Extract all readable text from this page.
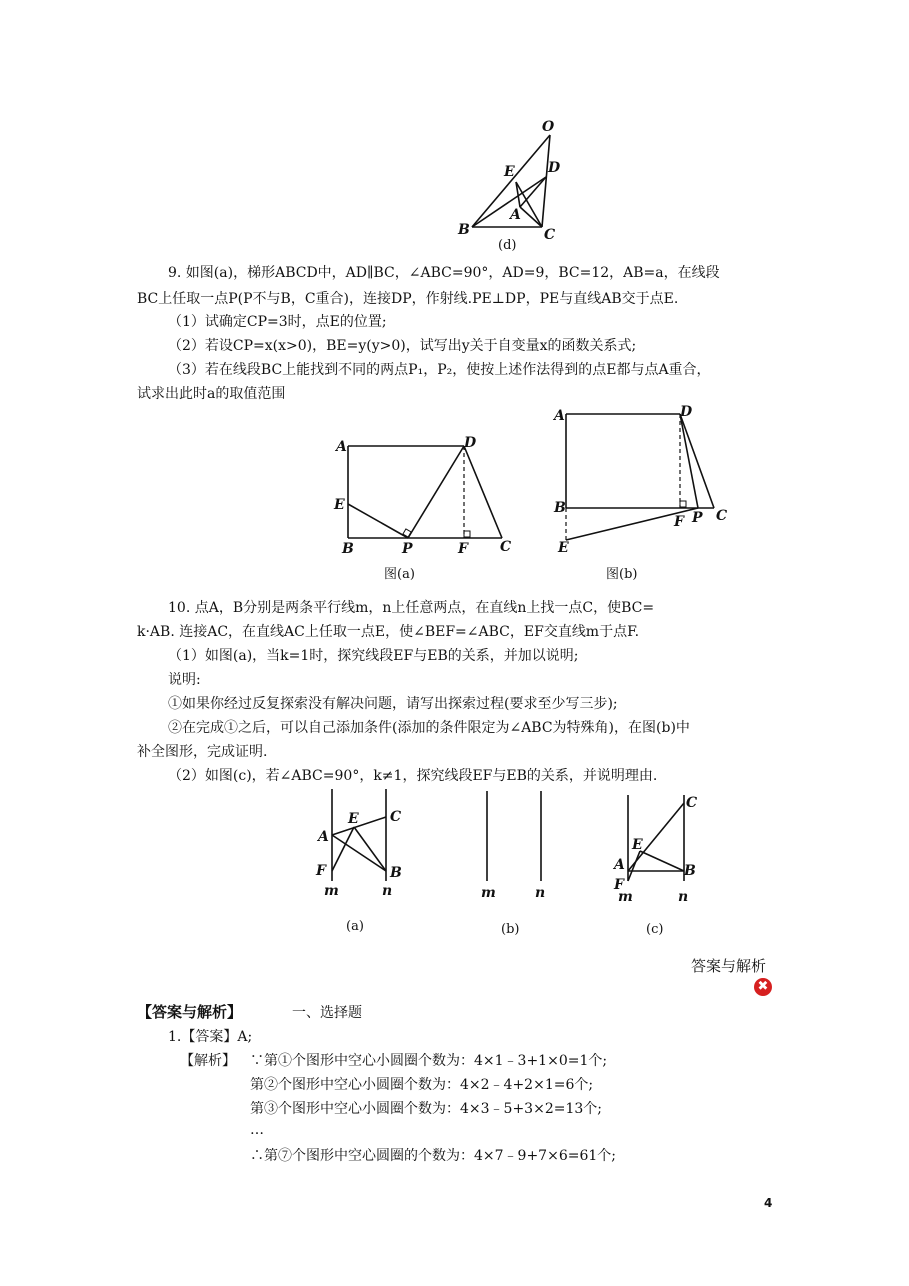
O
E D
A
B	C
(d)
9. 如图(a)，梯形ABCD中，AD∥BC，∠ABC=90°，AD=9，BC=12，AB=a，在线段
BC上任取一点P(P不与B，C重合)，连接DP，作射线.PE⊥DP，PE与直线AB交于点E.
（1）试确定CP=3时，点E的位置;
（2）若设CP=x(x>0)，BE=y(y>0)，试写出y关于自变量x的函数关系式;
（3）若在线段BC上能找到不同的两点P₁，P₂，使按上述作法得到的点E都与点A重合，
试求出此时a的取值范围
A	D
E
B	P	F C
图(a)
A	D
B
F P C
E
图(b)
10. 点A，B分别是两条平行线m，n上任意两点，在直线n上找一点C，使BC=
k·AB. 连接AC，在直线AC上任取一点E，使∠BEF=∠ABC，EF交直线m于点F.
（1）如图(a)，当k=1时，探究线段EF与EB的关系，并加以说明;
说明:
①如果你经过反复探索没有解决问题，请写出探索过程(要求至少写三步);
②在完成①之后，可以自己添加条件(添加的条件限定为∠ABC为特殊角)，在图(b)中
补全图形，完成证明.
（2）如图(c)，若∠ABC=90°，k≠1，探究线段EF与EB的关系，并说明理由.
E C
A
F	B
m	n
(a)
m	n
(b)
C
E
A	B
F
m	n
(c)
答案与解析
✖
【答案与解析】	一、选择题
1.【答案】A;
【解析】 ∵第①个图形中空心小圆圈个数为：4×1﹣3+1×0=1个;
第②个图形中空心小圆圈个数为：4×2﹣4+2×1=6个;
第③个图形中空心小圆圈个数为：4×3﹣5+3×2=13个;
…
∴第⑦个图形中空心圆圈的个数为：4×7﹣9+7×6=61个;
4
